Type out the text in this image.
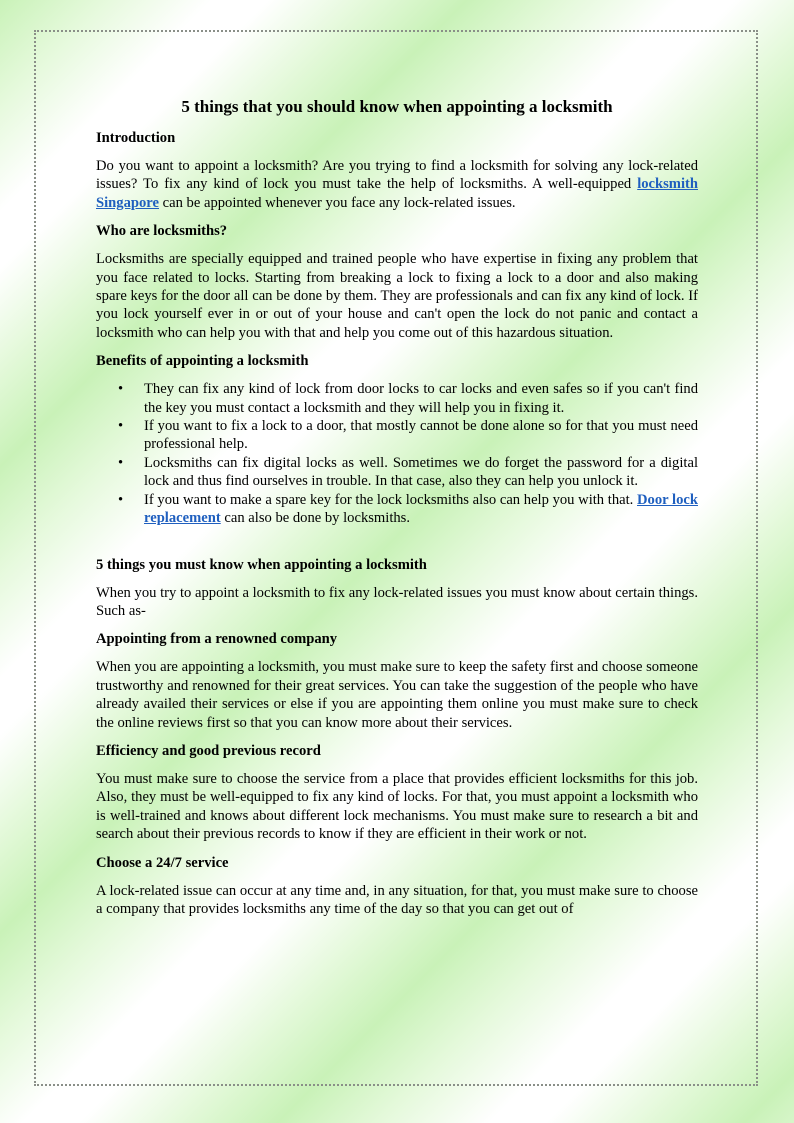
5 things that you should know when appointing a locksmith
Introduction

Do you want to appoint a locksmith? Are you trying to find a locksmith for solving any lock-related issues? To fix any kind of lock you must take the help of locksmiths. A well-equipped locksmith Singapore can be appointed whenever you face any lock-related issues.

Who are locksmiths?

Locksmiths are specially equipped and trained people who have expertise in fixing any problem that you face related to locks. Starting from breaking a lock to fixing a lock to a door and also making spare keys for the door all can be done by them. They are professionals and can fix any kind of lock. If you lock yourself ever in or out of your house and can't open the lock do not panic and contact a locksmith who can help you with that and help you come out of this hazardous situation.

Benefits of appointing a locksmith
• They can fix any kind of lock from door locks to car locks and even safes so if you can't find the key you must contact a locksmith and they will help you in fixing it.
• If you want to fix a lock to a door, that mostly cannot be done alone so for that you must need professional help.
• Locksmiths can fix digital locks as well. Sometimes we do forget the password for a digital lock and thus find ourselves in trouble. In that case, also they can help you unlock it.
• If you want to make a spare key for the lock locksmiths also can help you with that. Door lock replacement can also be done by locksmiths.
5 things you must know when appointing a locksmith

When you try to appoint a locksmith to fix any lock-related issues you must know about certain things. Such as-

Appointing from a renowned company

When you are appointing a locksmith, you must make sure to keep the safety first and choose someone trustworthy and renowned for their great services. You can take the suggestion of the people who have already availed their services or else if you are appointing them online you must make sure to check the online reviews first so that you can know more about their services.

Efficiency and good previous record

You must make sure to choose the service from a place that provides efficient locksmiths for this job. Also, they must be well-equipped to fix any kind of locks. For that, you must appoint a locksmith who is well-trained and knows about different lock mechanisms. You must make sure to research a bit and search about their previous records to know if they are efficient in their work or not.

Choose a 24/7 service

A lock-related issue can occur at any time and, in any situation, for that, you must make sure to choose a company that provides locksmiths any time of the day so that you can get out of
